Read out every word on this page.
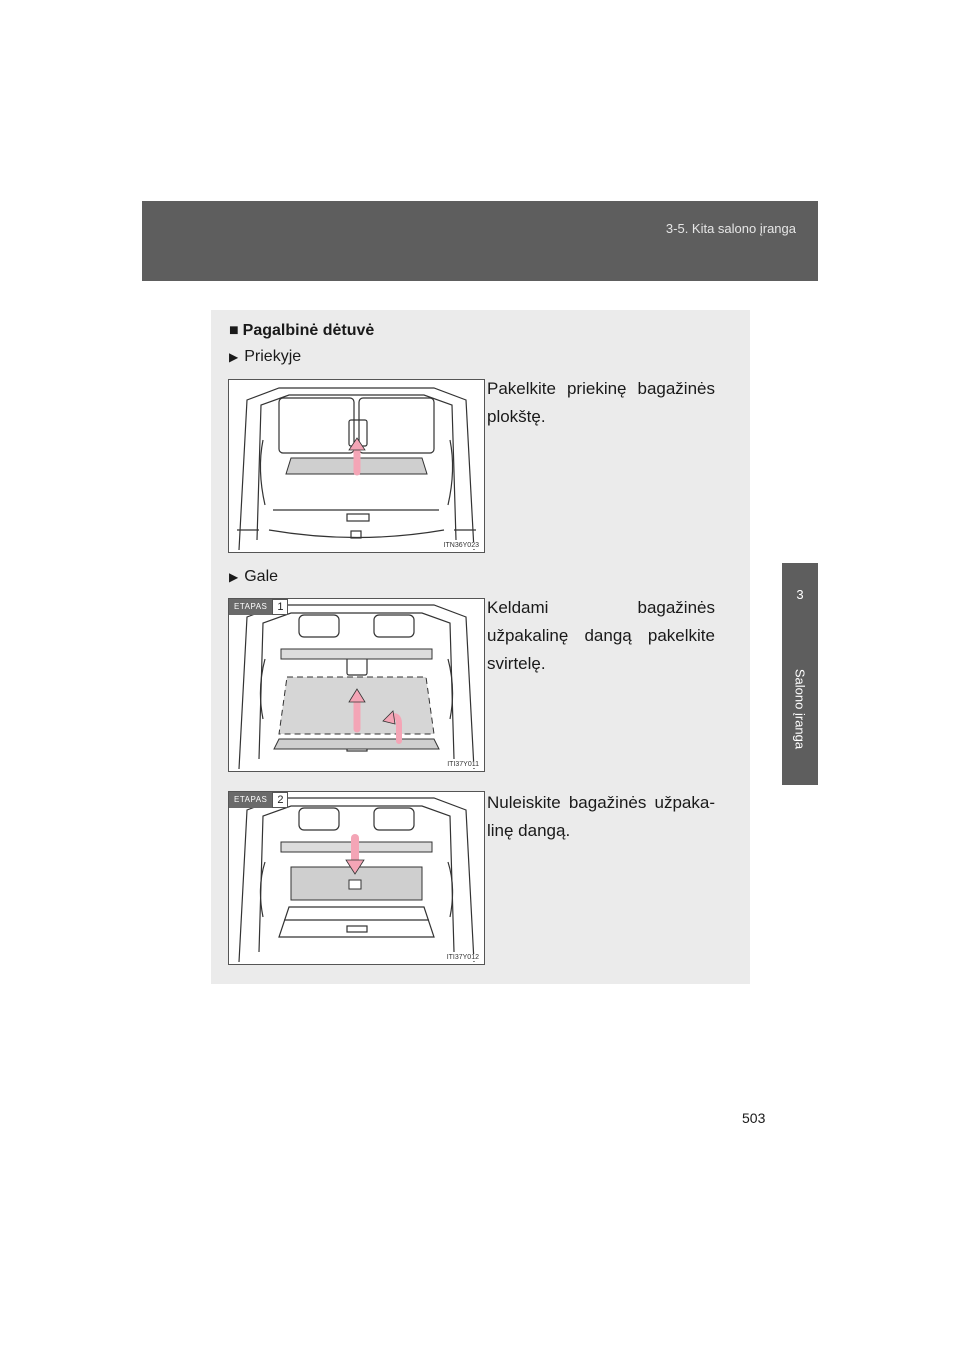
3-5. Kita salono įranga
3
Salono įranga
■ Pagalbinė dėtuvė
▶ Priekyje
▶ Gale
Pakelkite priekinę bagažinės plokštę.
Keldami bagažinės užpakalinę dangą pakelkite svirtelę.
Nuleiskite bagažinės užpaka- linę dangą.
ITN36Y023
ETAPAS 1
ITI37Y011
ETAPAS 2
ITI37Y012
503
